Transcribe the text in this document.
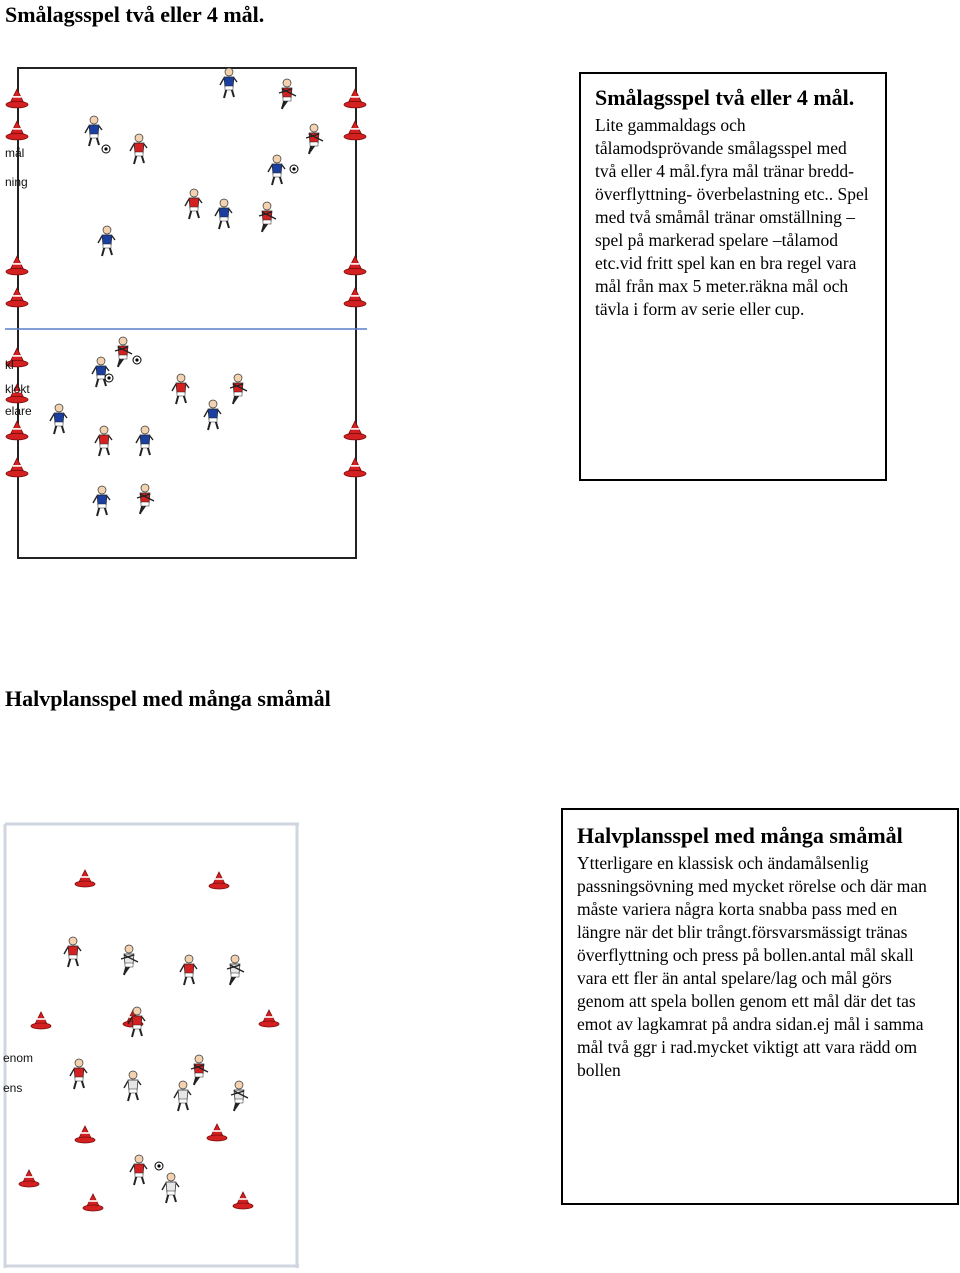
Smålagsspel två eller 4 mål.
mål
ning
kl
klokt
elare

Smålagsspel två eller 4 mål.

Lite gammaldags och tålamodsprövande smålagsspel med två eller 4 mål.fyra mål tränar bredd-överflyttning- överbelastning etc.. Spel med två småmål tränar omställning –spel på markerad spelare –tålamod etc.vid fritt spel kan en bra regel vara mål från max 5 meter.räkna mål och tävla i form av serie eller cup.

Halvplansspel med många småmål
enom
ens

Halvplansspel med många småmål

Ytterligare en klassisk och ändamålsenlig passningsövning med mycket rörelse och där man måste variera några korta snabba pass med en längre när det blir trångt.försvarsmässigt tränas överflyttning och press på bollen.antal mål skall vara ett fler än antal spelare/lag och mål görs genom att spela bollen genom ett mål där det tas emot av lagkamrat på andra sidan.ej mål i samma mål två ggr i rad.mycket viktigt att vara rädd om bollen
